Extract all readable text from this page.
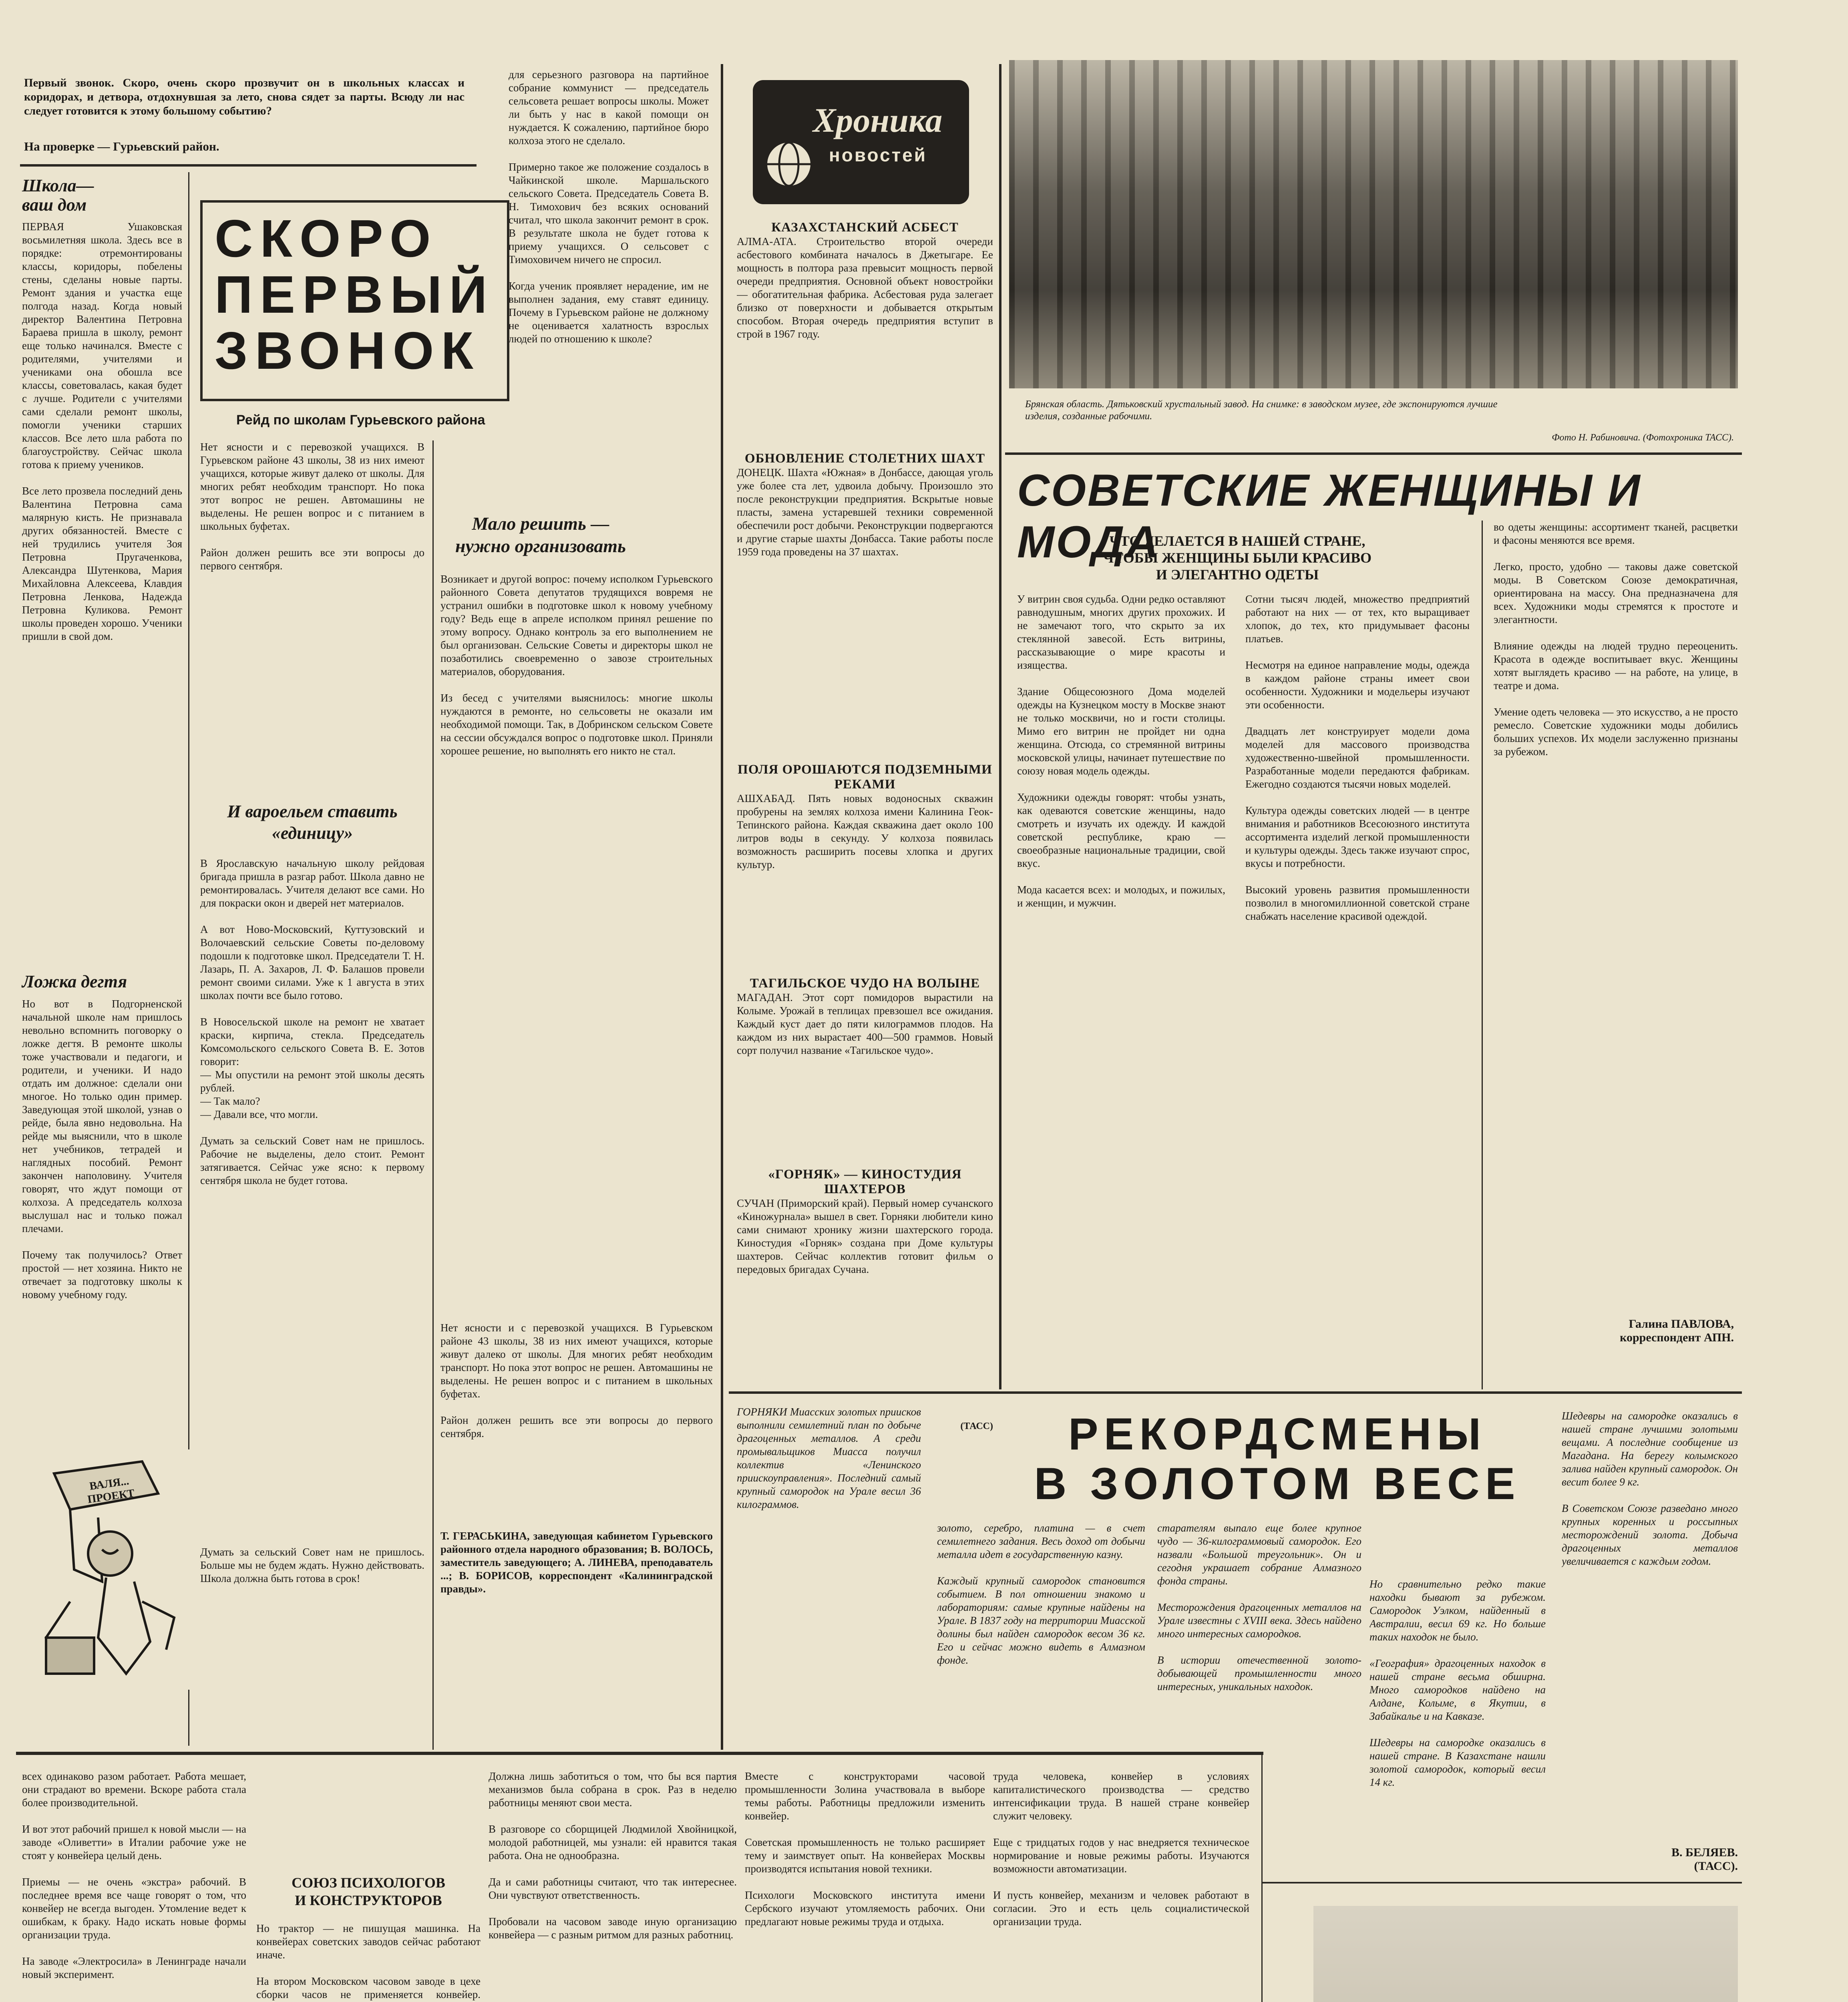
Первый звонок. Скоро, очень скоро прозвучит он в школьных классах и коридорах, и детвора, отдохнувшая за лето, снова сядет за парты. Всюду ли нас следует готовится к этому большому событию?
На проверке — Гурьевский район.
Школа—
ваш дом
ПЕРВАЯ Ушаковская восьмилетняя школа. Здесь все в порядке: отремонтированы классы, коридоры, побелены стены, сделаны новые парты. Ремонт здания и участка еще полгода назад. Когда новый директор Валентина Петровна Бараева пришла в школу, ремонт еще только начинался. Вместе с родителями, учителями и учениками она обошла все классы, советовалась, какая будет с лучше. Родители с учителями сами сделали ремонт школы, помогли ученики старших классов. Все лето шла работа по благоустройству. Сейчас школа готова к приему учеников.

Все лето прозвела последний день Валентина Петровна сама малярную кисть. Не признавала других обязанностей. Вместе с ней трудились учителя Зоя Петровна Пругаченкова, Александра Шутенкова, Мария Михайловна Алексеева, Клавдия Петровна Ленкова, Надежда Петровна Куликова. Ремонт школы проведен хорошо. Ученики пришли в свой дом.
Ложка дегтя
Но вот в Подгорненской начальной школе нам пришлось невольно вспомнить поговорку о ложке дегтя. В ремонте школы тоже участвовали и педагоги, и родители, и ученики. И надо отдать им должное: сделали они многое. Но только один пример. Заведующая этой школой, узнав о рейде, была явно недовольна. На рейде мы выяснили, что в школе нет учебников, тетрадей и наглядных пособий. Ремонт закончен наполовину. Учителя говорят, что ждут помощи от колхоза. А председатель колхоза выслушал нас и только пожал плечами.

Почему так получилось? Ответ простой — нет хозяина. Никто не отвечает за подготовку школы к новому учебному году.
СКОРО
ПЕРВЫЙ
ЗВОНОК
Рейд по школам Гурьевского района
для серьезного разговора на партийное собрание коммунист — председатель сельсовета решает вопросы школы. Может ли быть у нас в какой помощи он нуждается. К сожалению, партийное бюро колхоза этого не сделало.

Примерно такое же положение создалось в Чайкинской школе. Маршальского сельского Совета. Председатель Совета В. Н. Тимохович без всяких оснований считал, что школа закончит ремонт в срок. В результате школа не будет готова к приему учащихся. О сельсовет с Тимоховичем ничего не спросил.

Когда ученик проявляет нерадение, им не выполнен задания, ему ставят единицу. Почему в Гурьевском районе не должному не оценивается халатность взрослых людей по отношению к школе?
Нет ясности и с перевозкой учащихся. В Гурьевском районе 43 школы, 38 из них имеют учащихся, которые живут далеко от школы. Для многих ребят необходим транспорт. Но пока этот вопрос не решен. Автомашины не выделены. Не решен вопрос и с питанием в школьных буфетах.

Район должен решить все эти вопросы до первого сентября.
Мало решить —
нужно организовать
Возникает и другой вопрос: почему исполком Гурьевского районного Совета депутатов трудящихся вовремя не устранил ошибки в подготовке школ к новому учебному году? Ведь еще в апреле исполком принял решение по этому вопросу. Однако контроль за его выполнением не был организован. Сельские Советы и директоры школ не позаботились своевременно о завозе строительных материалов, оборудования.

Из бесед с учителями выяснилось: многие школы нуждаются в ремонте, но сельсоветы не оказали им необходимой помощи. Так, в Добринском сельском Совете на сессии обсуждался вопрос о подготовке школ. Приняли хорошее решение, но выполнять его никто не стал.
И вароельем ставить
«единицу»
В Ярославскую начальную школу рейдовая бригада пришла в разгар работ. Школа давно не ремонтировалась. Учителя делают все сами. Но для покраски окон и дверей нет материалов.

А вот Ново-Московский, Куттузовский и Волочаевский сельские Советы по-деловому подошли к подготовке школ. Председатели Т. Н. Лазарь, П. А. Захаров, Л. Ф. Балашов провели ремонт своими силами. Уже к 1 августа в этих школах почти все было готово.

В Новосельской школе на ремонт не хватает краски, кирпича, стекла. Председатель Комсомольского сельского Совета В. Е. Зотов говорит:
— Мы опустили на ремонт этой школы десять рублей.
— Так мало?
— Давали все, что могли.

Думать за сельский Совет нам не пришлось. Рабочие не выделены, дело стоит. Ремонт затягивается. Сейчас уже ясно: к первому сентября школа не будет готова.
ВАЛЯ... ПРОЕКТ
Думать за сельский Совет нам не пришлось. Больше мы не будем ждать. Нужно действовать. Школа должна быть готова в срок!
Нет ясности и с перевозкой учащихся. В Гурьевском районе 43 школы, 38 из них имеют учащихся, которые живут далеко от школы. Для многих ребят необходим транспорт. Но пока этот вопрос не решен. Автомашины не выделены. Не решен вопрос и с питанием в школьных буфетах.

Район должен решить все эти вопросы до первого сентября.
Т. ГЕРАСЬКИНА, заведующая кабинетом Гурьевского районного отдела народного образования; В. ВОЛОСЬ, заместитель заведующего; А. ЛИНЕВА, преподаватель ...; В. БОРИСОВ, корреспондент «Калининградской правды».
Хроника
новостей
КАЗАХСТАНСКИЙ АСБЕСТ
АЛМА-АТА. Строительство второй очереди асбестового комбината началось в Джетыгаре. Ее мощность в полтора раза превысит мощность первой очереди предприятия. Основной объект новостройки — обогатительная фабрика. Асбестовая руда залегает близко от поверхности и добывается открытым способом. Вторая очередь предприятия вступит в строй в 1967 году.
ОБНОВЛЕНИЕ СТОЛЕТНИХ ШАХТ
ДОНЕЦК. Шахта «Южная» в Донбассе, дающая уголь уже более ста лет, удвоила добычу. Произошло это после реконструкции предприятия. Вскрытые новые пласты, замена устаревшей техники современной обеспечили рост добычи. Реконструкции подвергаются и другие старые шахты Донбасса. Такие работы после 1959 года проведены на 37 шахтах.
ПОЛЯ ОРОШАЮТСЯ ПОДЗЕМНЫМИ РЕКАМИ
АШХАБАД. Пять новых водоносных скважин пробурены на землях колхоза имени Калинина Геок-Тепинского района. Каждая скважина дает около 100 литров воды в секунду. У колхоза появилась возможность расширить посевы хлопка и других культур.
ТАГИЛЬСКОЕ ЧУДО НА ВОЛЫНЕ
МАГАДАН. Этот сорт помидоров вырастили на Колыме. Урожай в теплицах превзошел все ожидания. Каждый куст дает до пяти килограммов плодов. На каждом из них вырастает 400—500 граммов. Новый сорт получил название «Тагильское чудо».
«ГОРНЯК» — КИНОСТУДИЯ ШАХТЕРОВ
СУЧАН (Приморский край). Первый номер сучанского «Киножурнала» вышел в свет. Горняки любители кино сами снимают хронику жизни шахтерского города. Киностудия «Горняк» создана при Доме культуры шахтеров. Сейчас коллектив готовит фильм о передовых бригадах Сучана.
(ТАСС)
Брянская область. Дятьковский хрустальный завод. На снимке: в заводском музее, где экспонируются лучшие изделия, созданные рабочими.
Фото Н. Рабиновича. (Фотохроника ТАСС).
СОВЕТСКИЕ ЖЕНЩИНЫ И МОДА
ЧТО ДЕЛАЕТСЯ В НАШЕЙ СТРАНЕ,
ЧТОБЫ ЖЕНЩИНЫ БЫЛИ КРАСИВО
И ЭЛЕГАНТНО ОДЕТЫ
У витрин своя судьба. Одни редко оставляют равнодушным, многих других прохожих. И не замечают того, что скрыто за их стеклянной завесой. Есть витрины, рассказывающие о мире красоты и изящества.

Здание Общесоюзного Дома моделей одежды на Кузнецком мосту в Москве знают не только москвичи, но и гости столицы. Мимо его витрин не пройдет ни одна женщина. Отсюда, со стремянной витрины московской улицы, начинает путешествие по союзу новая модель одежды.

Художники одежды говорят: чтобы узнать, как одеваются советские женщины, надо смотреть и изучать их одежду. И каждой советской республике, краю — своеобразные национальные традиции, свой вкус.

Мода касается всех: и молодых, и пожилых, и женщин, и мужчин.
Сотни тысяч людей, множество предприятий работают на них — от тех, кто выращивает хлопок, до тех, кто придумывает фасоны платьев.

Несмотря на единое направление моды, одежда в каждом районе страны имеет свои особенности. Художники и модельеры изучают эти особенности.

Двадцать лет конструирует модели дома моделей для массового производства художественно-швейной промышленности. Разработанные модели передаются фабрикам. Ежегодно создаются тысячи новых моделей.

Культура одежды советских людей — в центре внимания и работников Всесоюзного института ассортимента изделий легкой промышленности и культуры одежды. Здесь также изучают спрос, вкусы и потребности.

Высокий уровень развития промышленности позволил в многомиллионной советской стране снабжать население красивой одеждой.
во одеты женщины: ассортимент тканей, расцветки и фасоны меняются все время.

Легко, просто, удобно — таковы даже советской моды. В Советском Союзе демократичная, ориентирована на массу. Она предназначена для всех. Художники моды стремятся к простоте и элегантности.

Влияние одежды на людей трудно переоценить. Красота в одежде воспитывает вкус. Женщины хотят выглядеть красиво — на работе, на улице, в театре и дома.

Умение одеть человека — это искусство, а не просто ремесло. Советские художники моды добились больших успехов. Их модели заслуженно признаны за рубежом.
Галина ПАВЛОВА,
корреспондент АПН.
РЕКОРДСМЕНЫ
В ЗОЛОТОМ ВЕСЕ
ГОРНЯКИ Миасских золотых приисков выполнили семилетний план по добыче драгоценных металлов. А среди промывальщиков Миасса получил коллектив «Ленинского приискоуправления». Последний самый крупный самородок на Урале весил 36 килограммов.
золото, серебро, платина — в счет семилетнего задания. Весь доход от добычи металла идет в государственную казну.

Каждый крупный самородок становится событием. В пол отношении знакомо и лабораториям: самые крупные найдены на Урале. В 1837 году на территории Миасской долины был найден самородок весом 36 кг. Его и сейчас можно видеть в Алмазном фонде.
старателям выпало еще более крупное чудо — 36-килограммовый самородок. Его назвали «Большой треугольник». Он и сегодня украшает собрание Алмазного фонда страны.

Месторождения драгоценных металлов на Урале известны с XVIII века. Здесь найдено много интересных самородков.

В истории отечественной золото-добывающей промышленности много интересных, уникальных находок.
Но сравнительно редко такие находки бывают за рубежом. Самородок Уэлком, найденный в Австралии, весил 69 кг. Но больше таких находок не было.

«География» драгоценных находок в нашей стране весьма обширна. Много самородков найдено на Алдане, Колыме, в Якутии, в Забайкалье и на Кавказе.

Шедевры на самородке оказались в нашей стране. В Казахстане нашли золотой самородок, который весил 14 кг.
Шедевры на самородке оказались в нашей стране лучшими золотыми вещами. А последние сообщение из Магадана. На берегу колымского залива найден крупный самородок. Он весит более 9 кг.

В Советском Союзе разведано много крупных коренных и россыпных месторождений золота. Добыча драгоценных металлов увеличивается с каждым годом.
В. БЕЛЯЕВ.
(ТАСС).
всех одинаково разом работает. Работа мешает, они страдают во времени. Вскоре работа стала более производительной.

И вот этот рабочий пришел к новой мысли — на заводе «Оливетти» в Италии рабочие уже не стоят у конвейера целый день.

Приемы — не очень «экстра» рабочий. В последнее время все чаще говорят о том, что конвейер не всегда выгоден. Утомление ведет к ошибкам, к браку. Надо искать новые формы организации труда.

На заводе «Электросила» в Ленинграде начали новый эксперимент.
СОЮЗ ПСИХОЛОГОВ
И КОНСТРУКТОРОВ
Но трактор — не пишущая машинка. На конвейерах советских заводов сейчас работают иначе.

На втором Московском часовом заводе в цехе сборки часов не применяется конвейер.

Должна лишь заботиться о том, что бы вся партия механизмов была собрана в срок. Раз в неделю работницы меняют свои места.

В разговоре со сборщицей Людмилой Хвойницкой, молодой работницей, мы узнали: ей нравится такая работа. Она не однообразна.

Да и сами работницы считают, что так интереснее. Они чувствуют ответственность.

Пробовали на часовом заводе иную организацию конвейера — с разным ритмом для разных работниц.
Вместе с конструкторами часовой промышленности Золина участвовала в выборе темы работы. Работницы предложили изменить конвейер.

Советская промышленность не только расширяет тему и заимствует опыт. На конвейерах Москвы производятся испытания новой техники.

Психологи Московского института имени Сербского изучают утомляемость рабочих. Они предлагают новые режимы труда и отдыха.
труда человека, конвейер в условиях капиталистического производства — средство интенсификации труда. В нашей стране конвейер служит человеку.

Еще с тридцатых годов у нас внедряется техническое нормирование и новые режимы работы. Изучаются возможности автоматизации.

И пусть конвейер, механизм и человек работают в согласии. Это и есть цель социалистической организации труда.
